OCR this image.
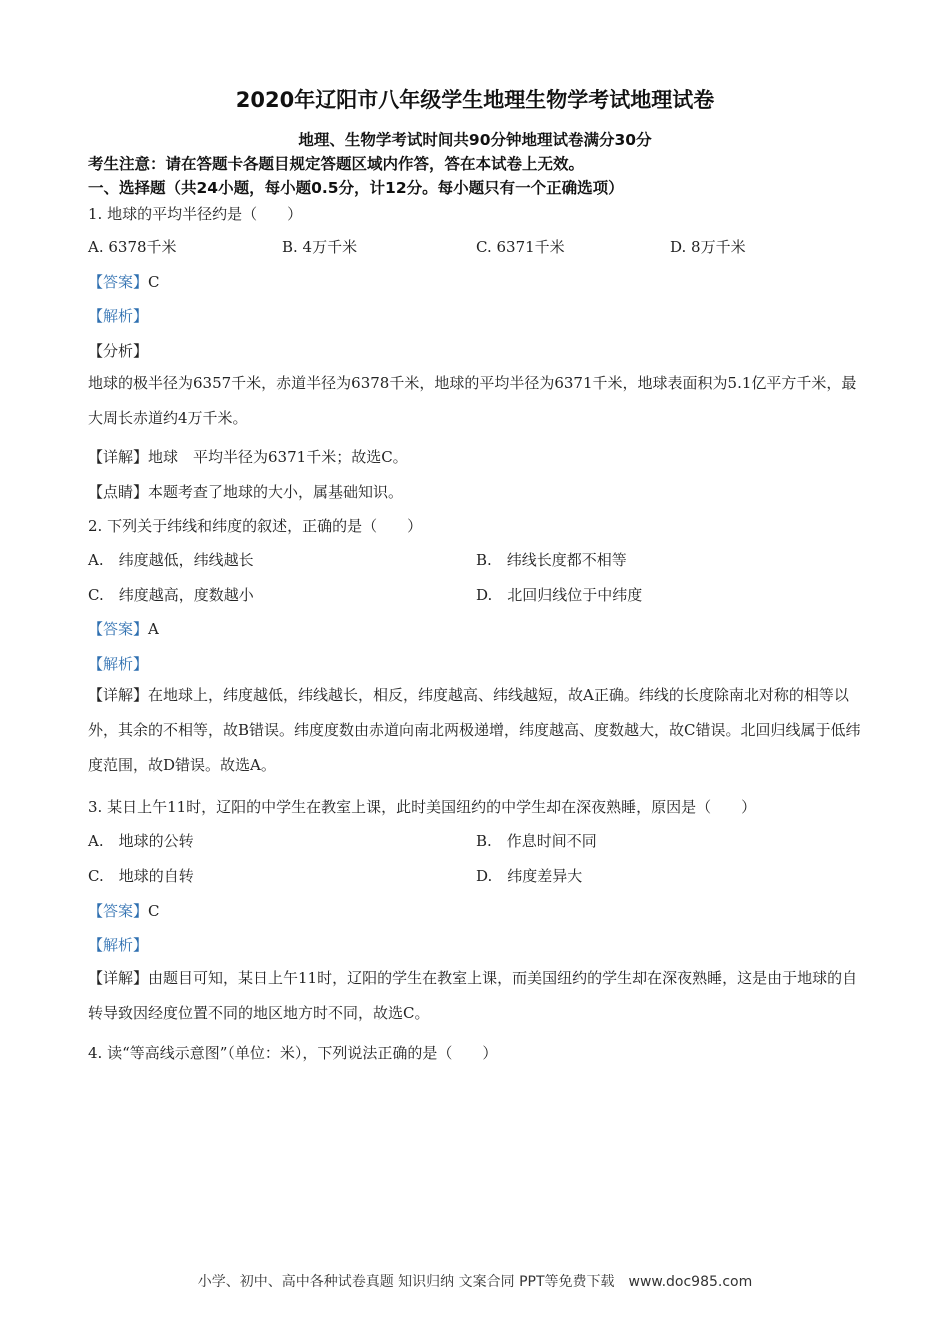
2020年辽阳市八年级学生地理生物学考试地理试卷
地理、生物学考试时间共90分钟地理试卷满分30分
考生注意：请在答题卡各题目规定答题区域内作答，答在本试卷上无效。
一、选择题（共24小题，每小题0.5分，计12分。每小题只有一个正确选项）
1. 地球的平均半径约是（　　）
A. 6378千米	B. 4万千米	C. 6371千米	D. 8万千米
【答案】C
【解析】
【分析】
地球的极半径为6357千米，赤道半径为6378千米，地球的平均半径为6371千米，地球表面积为5.1亿平方千米，最大周长赤道约4万千米。
【详解】地球　平均半径为6371千米；故选C。
【点睛】本题考查了地球的大小，属基础知识。
2. 下列关于纬线和纬度的叙述，正确的是（　　）
A.　纬度越低，纬线越长	B.　纬线长度都不相等
C.　纬度越高，度数越小	D.　北回归线位于中纬度
【答案】A
【解析】
【详解】在地球上，纬度越低，纬线越长，相反，纬度越高、纬线越短，故A正确。纬线的长度除南北对称的相等以外，其余的不相等，故B错误。纬度度数由赤道向南北两极递增，纬度越高、度数越大，故C错误。北回归线属于低纬度范围，故D错误。故选A。
3. 某日上午11时，辽阳的中学生在教室上课，此时美国纽约的中学生却在深夜熟睡，原因是（　　）
A.　地球的公转	B.　作息时间不同
C.　地球的自转	D.　纬度差异大
【答案】C
【解析】
【详解】由题目可知，某日上午11时，辽阳的学生在教室上课，而美国纽约的学生却在深夜熟睡，这是由于地球的自转导致因经度位置不同的地区地方时不同，故选C。
4. 读“等高线示意图”（单位：米），下列说法正确的是（　　）
小学、初中、高中各种试卷真题 知识归纳 文案合同 PPT等免费下载　www.doc985.com
